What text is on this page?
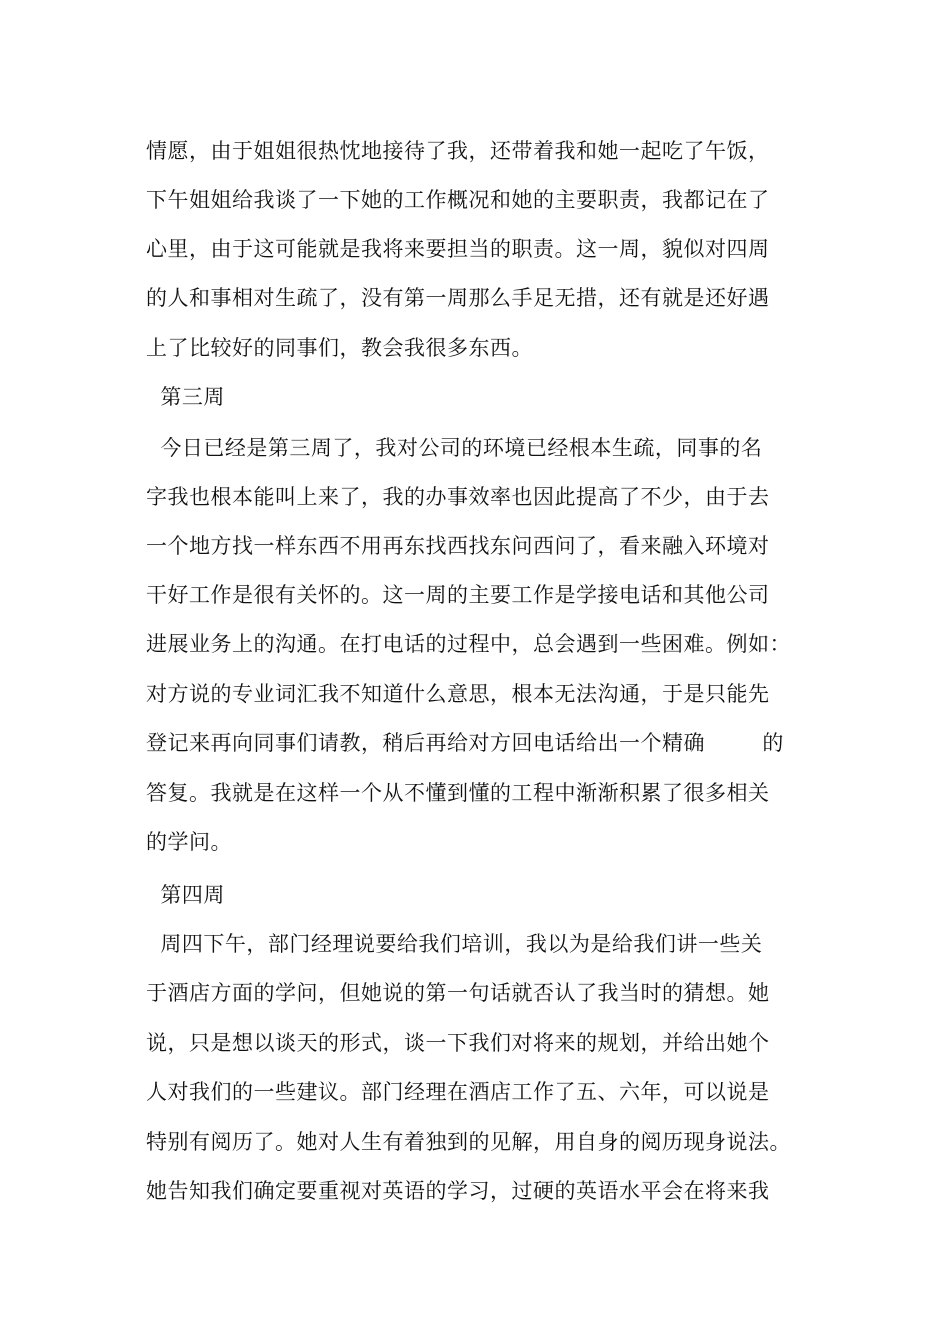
情愿，由于姐姐很热忱地接待了我，还带着我和她一起吃了午饭，
下午姐姐给我谈了一下她的工作概况和她的主要职责，我都记在了
心里，由于这可能就是我将来要担当的职责。这一周，貌似对四周
的人和事相对生疏了，没有第一周那么手足无措，还有就是还好遇
上了比较好的同事们，教会我很多东西。
第三周
今日已经是第三周了，我对公司的环境已经根本生疏，同事的名
字我也根本能叫上来了，我的办事效率也因此提高了不少，由于去
一个地方找一样东西不用再东找西找东问西问了，看来融入环境对
干好工作是很有关怀的。这一周的主要工作是学接电话和其他公司
进展业务上的沟通。在打电话的过程中，总会遇到一些困难。例如：
对方说的专业词汇我不知道什么意思，根本无法沟通，于是只能先
登记来再向同事们请教，稍后再给对方回电话给出一个精确        的
答复。我就是在这样一个从不懂到懂的工程中渐渐积累了很多相关
的学问。
第四周
周四下午，部门经理说要给我们培训，我以为是给我们讲一些关
于酒店方面的学问，但她说的第一句话就否认了我当时的猜想。她
说，只是想以谈天的形式，谈一下我们对将来的规划，并给出她个
人对我们的一些建议。部门经理在酒店工作了五、六年，可以说是
特别有阅历了。她对人生有着独到的见解，用自身的阅历现身说法。
她告知我们确定要重视对英语的学习，过硬的英语水平会在将来我
